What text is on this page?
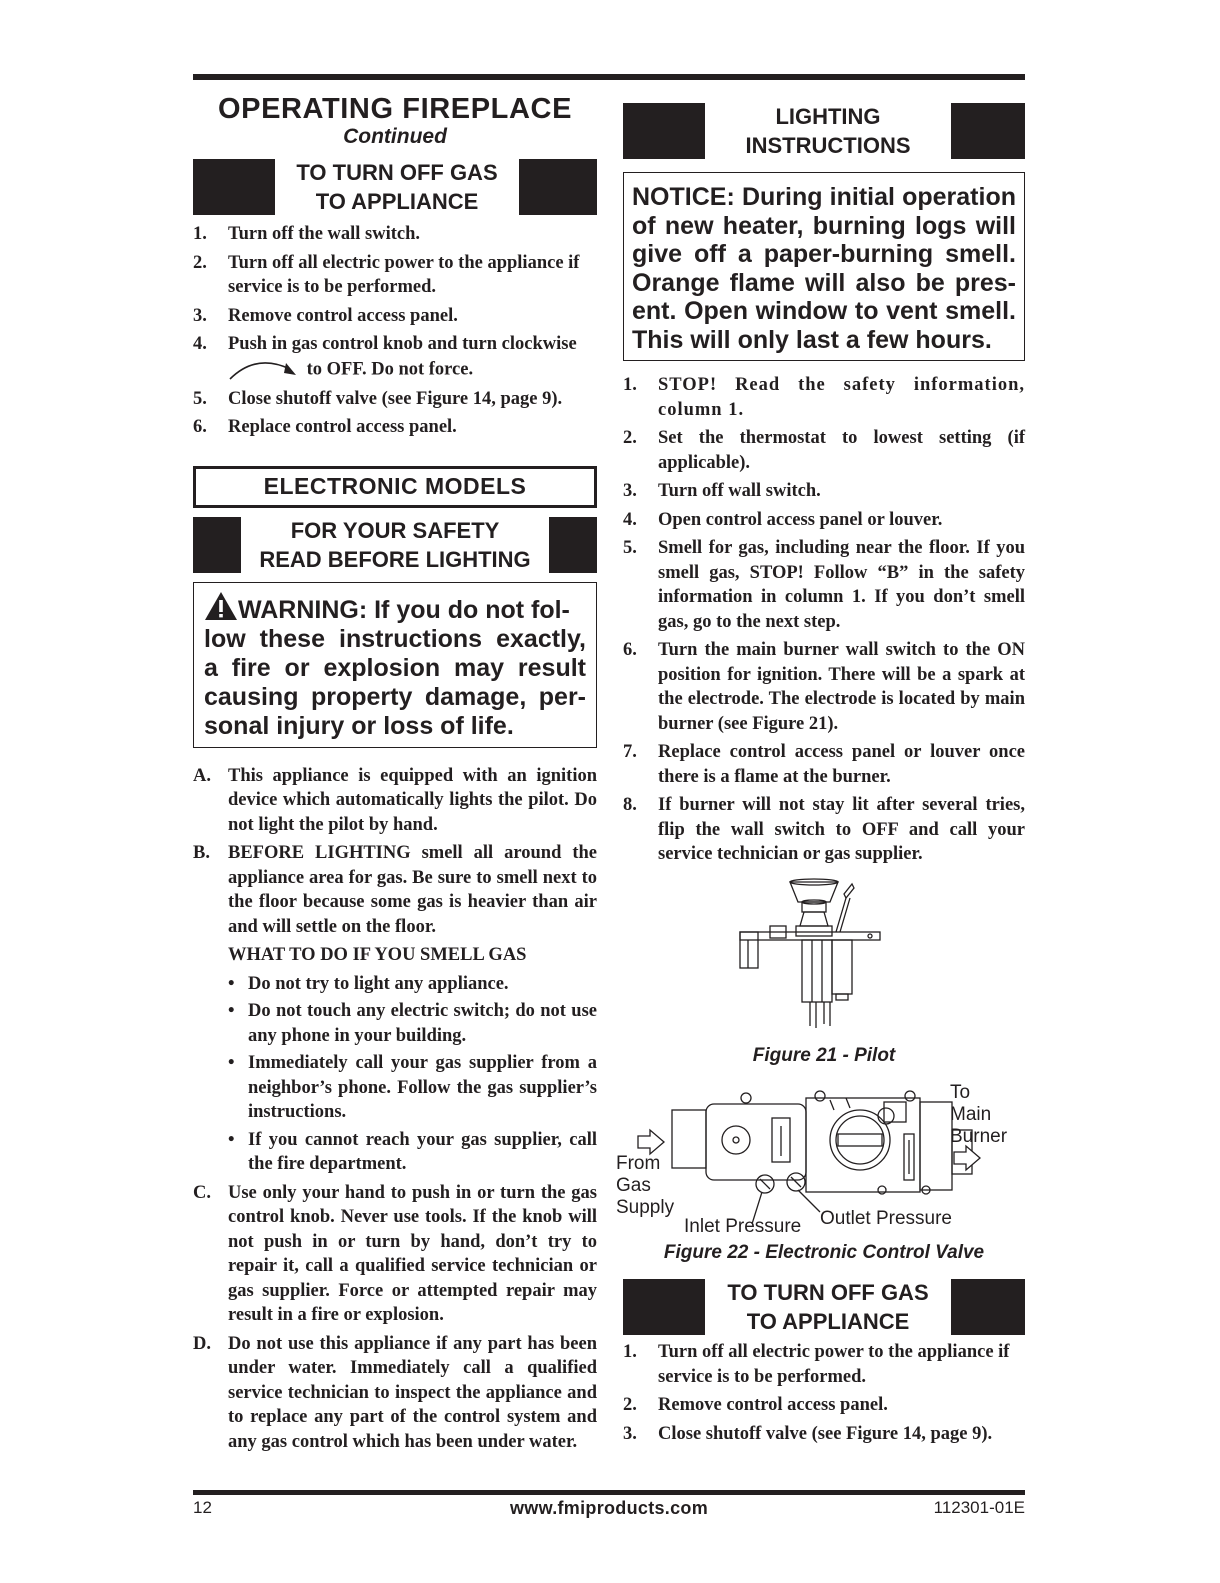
OPERATING FIREPLACE
Continued
TO TURN OFF GAS
TO APPLIANCE
1. Turn off the wall switch.
2. Turn off all electric power to the appliance if service is to be performed.
3. Remove control access panel.
4. Push in gas control knob and turn clockwise
to OFF. Do not force.
5. Close shutoff valve (see Figure 14, page 9).
6. Replace control access panel.
ELECTRONIC MODELS
FOR YOUR SAFETY
READ BEFORE LIGHTING
WARNING: If you do not fol-
low these instructions exactly,
a fire or explosion may result
causing property damage, per-
sonal injury or loss of life.
A. This appliance is equipped with an ignition device which automatically lights the pilot. Do not light the pilot by hand.
B. BEFORE LIGHTING smell all around the appliance area for gas. Be sure to smell next to the floor because some gas is heavier than air and will settle on the floor.
WHAT TO DO IF YOU SMELL GAS
• Do not try to light any appliance.
• Do not touch any electric switch; do not use any phone in your building.
• Immediately call your gas supplier from a neighbor’s phone. Follow the gas supplier’s instructions.
• If you cannot reach your gas supplier, call the fire department.
C. Use only your hand to push in or turn the gas control knob. Never use tools. If the knob will not push in or turn by hand, don’t try to repair it, call a qualified service technician or gas supplier. Force or attempted repair may result in a fire or explosion.
D. Do not use this appliance if any part has been under water. Immediately call a qualified service technician to inspect the appliance and to replace any part of the control system and any gas control which has been under water.
LIGHTING
INSTRUCTIONS
NOTICE: During initial operation
of new heater, burning logs will
give off a paper-burning smell.
Orange flame will also be pres-
ent. Open window to vent smell.
This will only last a few hours.
1. STOP! Read the safety information, column 1.
2. Set the thermostat to lowest setting (if applicable).
3. Turn off wall switch.
4. Open control access panel or louver.
5. Smell for gas, including near the floor. If you smell gas, STOP! Follow “B” in the safety information in column 1. If you don’t smell gas, go to the next step.
6. Turn the main burner wall switch to the ON position for ignition. There will be a spark at the electrode. The electrode is located by main burner (see Figure 21).
7. Replace control access panel or louver once there is a flame at the burner.
8. If burner will not stay lit after several tries, flip the wall switch to OFF and call your service technician or gas supplier.
Figure 21 - Pilot
To
Main
Burner
From
Gas
Supply
Inlet Pressure Outlet Pressure
Figure 22 - Electronic Control Valve
TO TURN OFF GAS
TO APPLIANCE
1. Turn off all electric power to the appliance if service is to be performed.
2. Remove control access panel.
3. Close shutoff valve (see Figure 14, page 9).
12	www.fmiproducts.com	112301-01E
